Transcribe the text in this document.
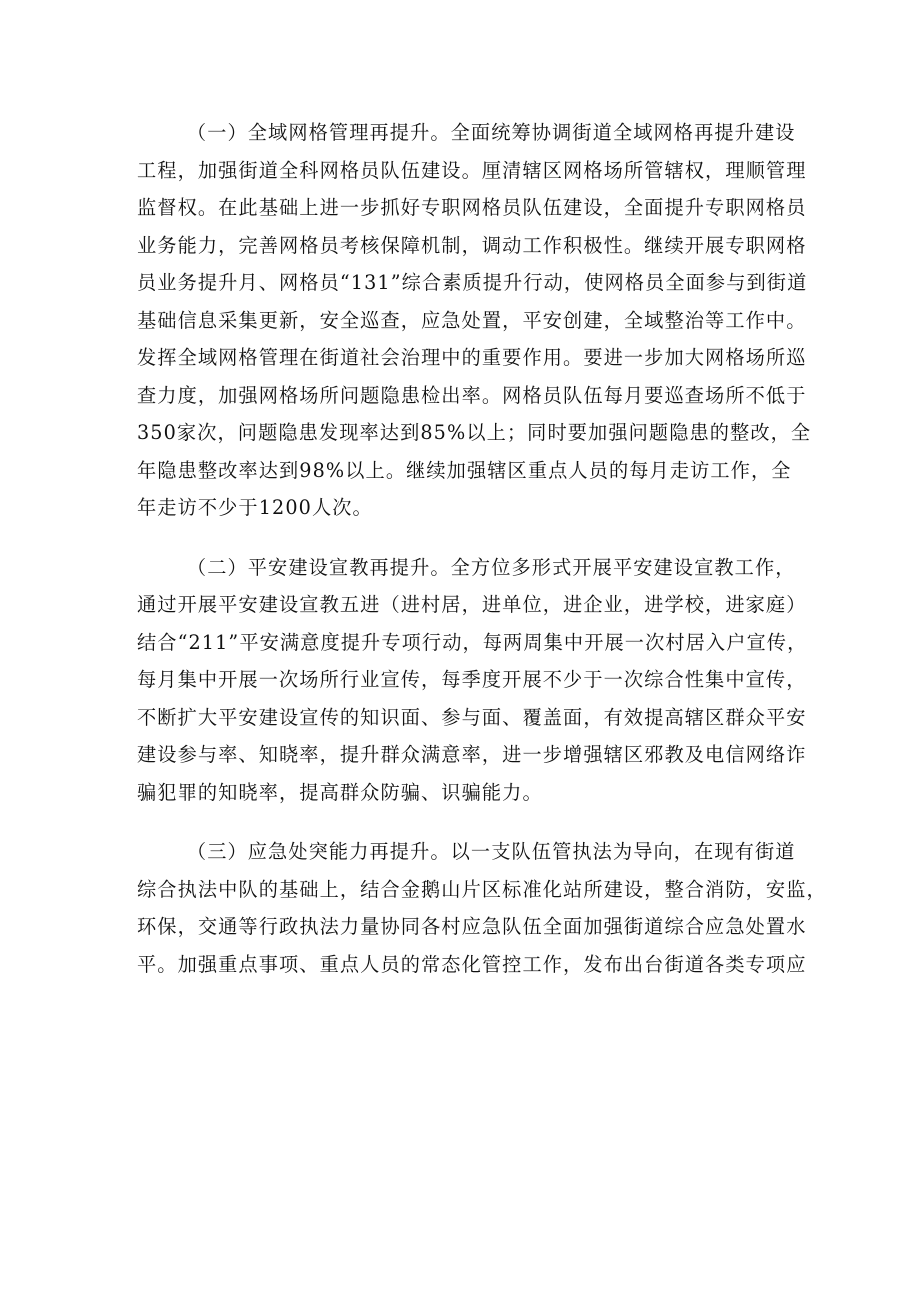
（一）全域网格管理再提升。全面统筹协调街道全域网格再提升建设
工程，加强街道全科网格员队伍建设。厘清辖区网格场所管辖权，理顺管理
监督权。在此基础上进一步抓好专职网格员队伍建设，全面提升专职网格员
业务能力，完善网格员考核保障机制，调动工作积极性。继续开展专职网格
员业务提升月、网格员“131”综合素质提升行动，使网格员全面参与到街道
基础信息采集更新，安全巡查，应急处置，平安创建，全域整治等工作中。
发挥全域网格管理在街道社会治理中的重要作用。要进一步加大网格场所巡
查力度，加强网格场所问题隐患检出率。网格员队伍每月要巡查场所不低于
350家次，问题隐患发现率达到85%以上；同时要加强问题隐患的整改，全
年隐患整改率达到98%以上。继续加强辖区重点人员的每月走访工作，全
年走访不少于1200人次。

（二）平安建设宣教再提升。全方位多形式开展平安建设宣教工作，
通过开展平安建设宣教五进（进村居，进单位，进企业，进学校，进家庭）
结合“211”平安满意度提升专项行动，每两周集中开展一次村居入户宣传，
每月集中开展一次场所行业宣传，每季度开展不少于一次综合性集中宣传，
不断扩大平安建设宣传的知识面、参与面、覆盖面，有效提高辖区群众平安
建设参与率、知晓率，提升群众满意率，进一步增强辖区邪教及电信网络诈
骗犯罪的知晓率，提高群众防骗、识骗能力。

（三）应急处突能力再提升。以一支队伍管执法为导向，在现有街道
综合执法中队的基础上，结合金鹅山片区标准化站所建设，整合消防，安监，
环保，交通等行政执法力量协同各村应急队伍全面加强街道综合应急处置水
平。加强重点事项、重点人员的常态化管控工作，发布出台街道各类专项应
